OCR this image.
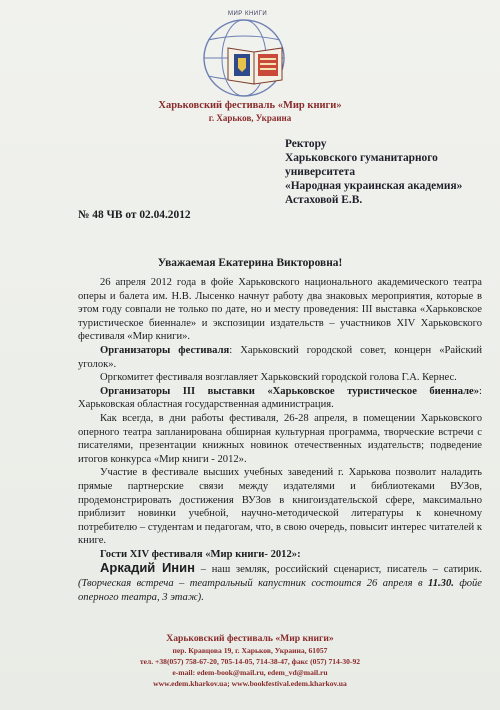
МИР КНИГИ
Харьковский фестиваль «Мир книги»
г. Харьков, Украина
Ректору
Харьковского гуманитарного
университета
«Народная украинская академия»
Астаховой Е.В.
№ 48 ЧВ от 02.04.2012
Уважаемая Екатерина Викторовна!

26 апреля 2012 года в фойе Харьковского национального академического театра оперы и балета им. Н.В. Лысенко начнут работу два знаковых мероприятия, которые в этом году совпали не только по дате, но и месту проведения: III выставка «Харьковское туристическое биеннале» и экспозиции издательств – участников XIV Харьковского фестиваля «Мир книги».

Организаторы фестиваля: Харьковский городской совет, концерн «Райский уголок».

Оргкомитет фестиваля возглавляет Харьковский городской голова Г.А. Кернес.

Организаторы III выставки «Харьковское туристическое биеннале»: Харьковская областная государственная администрация.

Как всегда, в дни работы фестиваля, 26-28 апреля, в помещении Харьковского оперного театра запланирована обширная культурная программа, творческие встречи с писателями, презентации книжных новинок отечественных издательств; подведение итогов конкурса «Мир книги - 2012».

Участие в фестивале высших учебных заведений г. Харькова позволит наладить прямые партнерские связи между издателями и библиотеками ВУЗов, продемонстрировать достижения ВУЗов в книгоиздательской сфере, максимально приблизит новинки учебной, научно-методической литературы к конечному потребителю – студентам и педагогам, что, в свою очередь, повысит интерес читателей к книге.

Гости XIV фестиваля «Мир книги- 2012»:

Аркадий Инин – наш земляк, российский сценарист, писатель – сатирик. (Творческая встреча – театральный капустник состоится 26 апреля в 11.30. фойе оперного театра, 3 этаж).

Харьковский фестиваль «Мир книги»
пер. Кравцова 19, г. Харьков, Украина, 61057
тел. +38(057) 758-67-20, 705-14-05, 714-38-47, факс (057) 714-30-92
e-mail: edem-book@mail.ru, edem_vd@mail.ru
www.edem.kharkov.ua; www.bookfestival.edem.kharkov.ua
